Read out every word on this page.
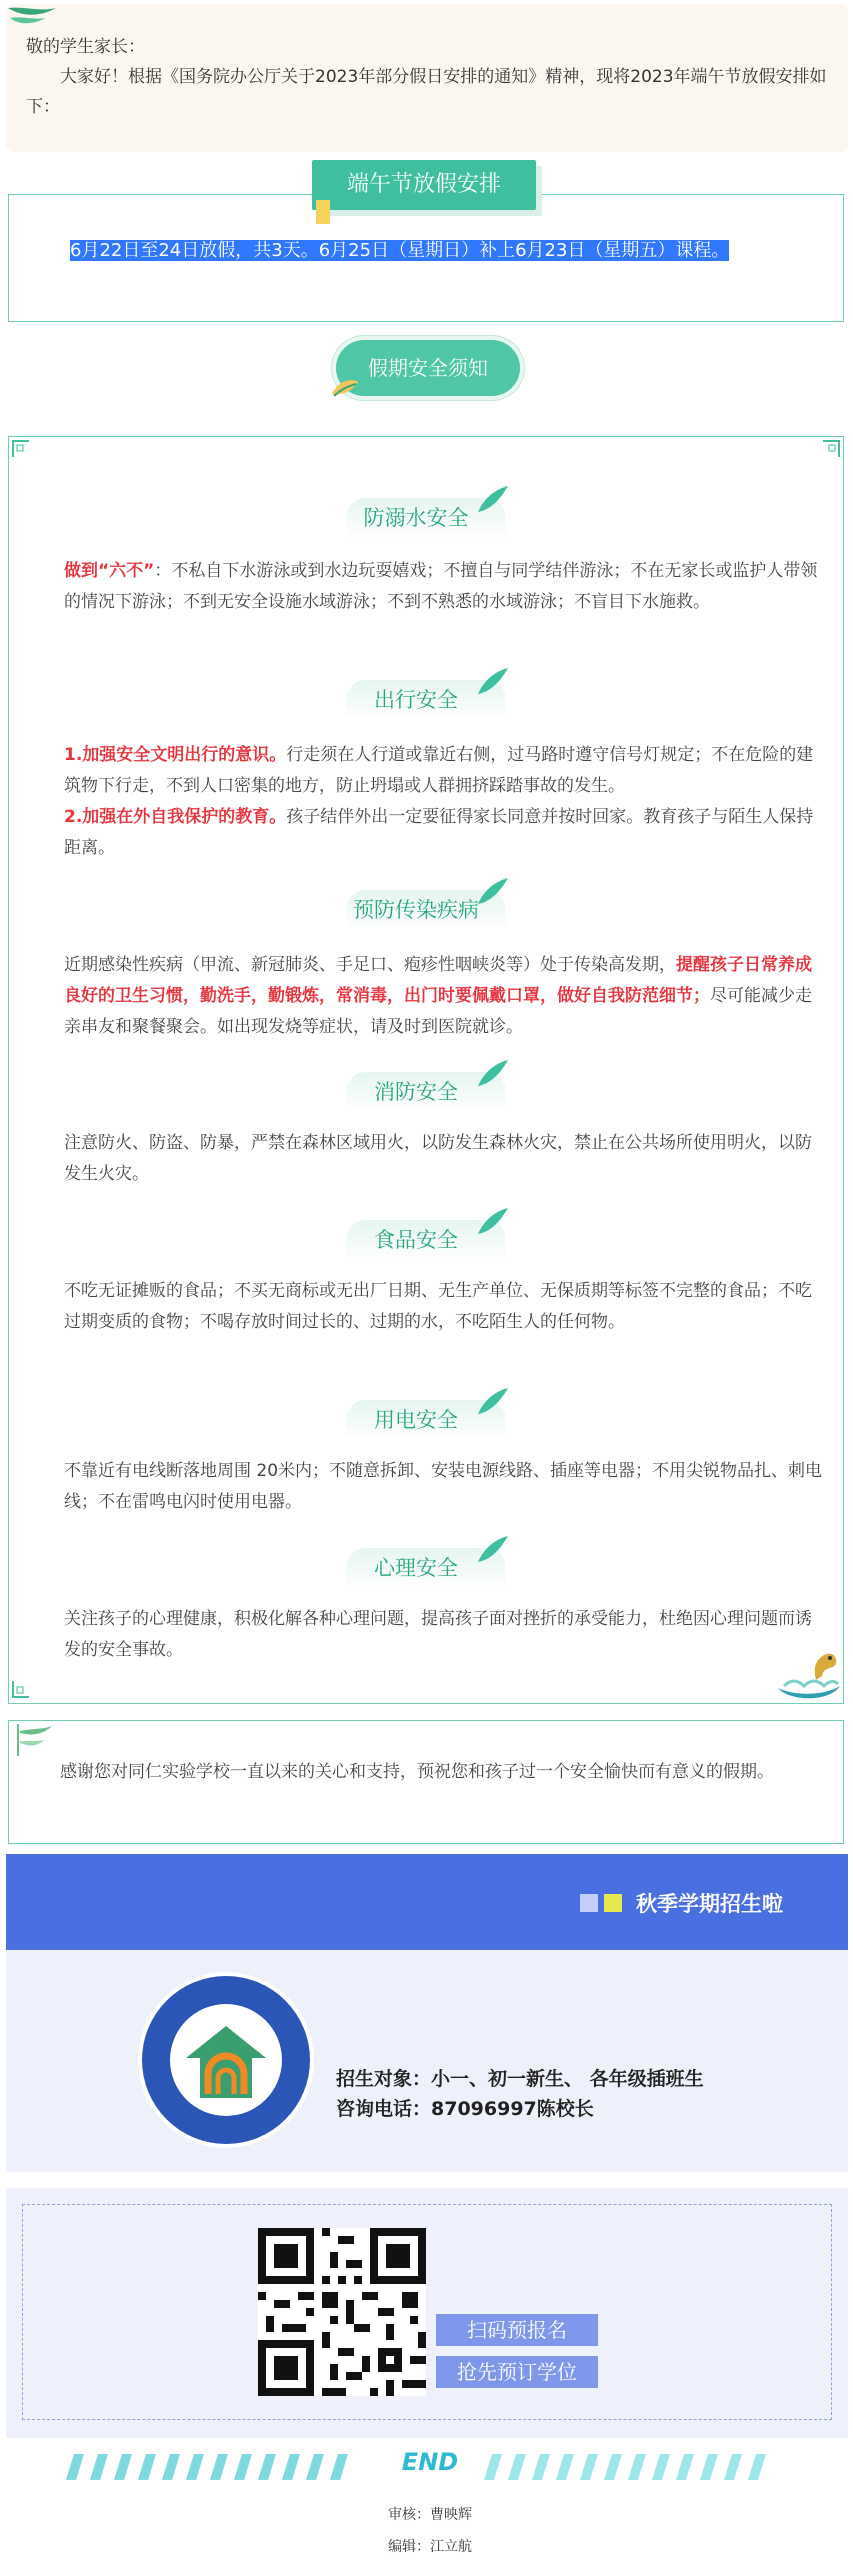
敬的学生家长：

大家好！根据《国务院办公厅关于2023年部分假日安排的通知》精神，现将2023年端午节放假安排如下：

端午节放假安排
6月22日至24日放假，共3天。6月25日（星期日）补上6月23日（星期五）课程。
假期安全须知
防溺水安全

做到“六不”：不私自下水游泳或到水边玩耍嬉戏；不擅自与同学结伴游泳；不在无家长或监护人带领的情况下游泳；不到无安全设施水域游泳；不到不熟悉的水域游泳；不盲目下水施救。

出行安全

1.加强安全文明出行的意识。行走须在人行道或靠近右侧，过马路时遵守信号灯规定；不在危险的建筑物下行走，不到人口密集的地方，防止坍塌或人群拥挤踩踏事故的发生。

2.加强在外自我保护的教育。孩子结伴外出一定要征得家长同意并按时回家。教育孩子与陌生人保持距离。

预防传染疾病

近期感染性疾病（甲流、新冠肺炎、手足口、疱疹性咽峡炎等）处于传染高发期，提醒孩子日常养成良好的卫生习惯，勤洗手，勤锻炼，常消毒，出门时要佩戴口罩，做好自我防范细节；尽可能减少走亲串友和聚餐聚会。如出现发烧等症状，请及时到医院就诊。

消防安全

注意防火、防盗、防暴，严禁在森林区域用火，以防发生森林火灾，禁止在公共场所使用明火，以防发生火灾。

食品安全

不吃无证摊贩的食品；不买无商标或无出厂日期、无生产单位、无保质期等标签不完整的食品；不吃过期变质的食物；不喝存放时间过长的、过期的水，不吃陌生人的任何物。

用电安全

不靠近有电线断落地周围 20米内；不随意拆卸、安装电源线路、插座等电器；不用尖锐物品扎、刺电线；不在雷鸣电闪时使用电器。

心理安全

关注孩子的心理健康，积极化解各种心理问题，提高孩子面对挫折的承受能力，杜绝因心理问题而诱发的安全事故。

感谢您对同仁实验学校一直以来的关心和支持，预祝您和孩子过一个安全愉快而有意义的假期。

秋季学期招生啦
招生对象：小一、初一新生、 各年级插班生
咨询电话：87096997陈校长
扫码预报名
抢先预订学位
END
审核：曹映辉
编辑：江立航
